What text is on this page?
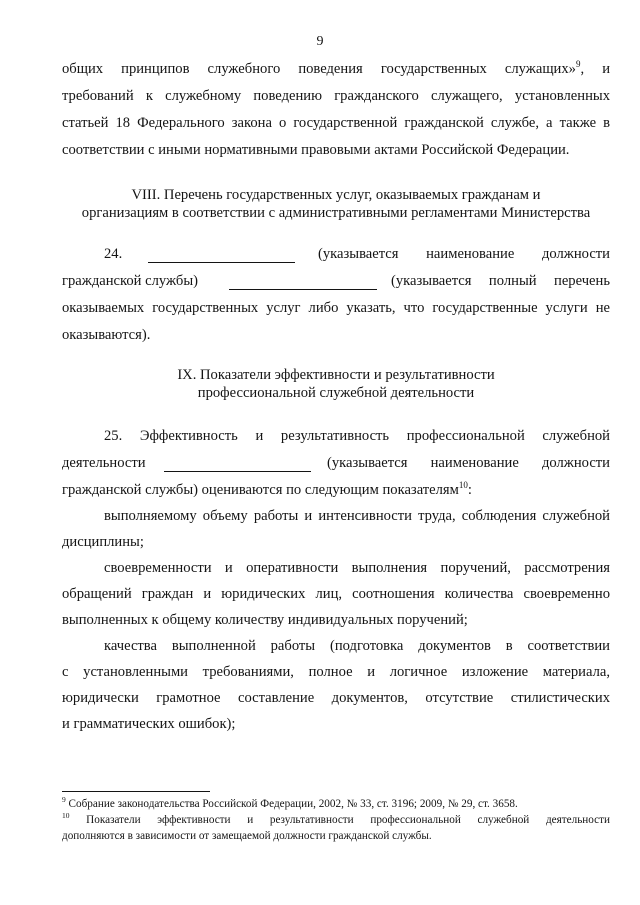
9
общих принципов служебного поведения государственных служащих»$^9$, и
требований к служебному поведению гражданского служащего, установленных
статьей 18 Федерального закона о государственной гражданской службе, а также в
соответствии с иными нормативными правовыми актами Российской Федерации.
VIII. Перечень государственных услуг, оказываемых гражданам и
организациям в соответствии с административными регламентами Министерства
24.	(указывается наименование должности
гражданской службы)	(указывается полный перечень
оказываемых государственных услуг либо указать, что государственные услуги не
оказываются).
IX. Показатели эффективности и результативности
профессиональной служебной деятельности
25. Эффективность и результативность профессиональной служебной
деятельности	(указывается наименование должности
гражданской службы) оцениваются по следующим показателям$^{10}$:
выполняемому объему работы и интенсивности труда, соблюдения служебной
дисциплины;
своевременности и оперативности выполнения поручений, рассмотрения
обращений граждан и юридических лиц, соотношения количества своевременно
выполненных к общему количеству индивидуальных поручений;
качества выполненной работы (подготовка документов в соответствии
с установленными требованиями, полное и логичное изложение материала,
юридически грамотное составление документов, отсутствие стилистических
и грамматических ошибок);
$^9$ Собрание законодательства Российской Федерации, 2002, № 33, ст. 3196; 2009, № 29, ст. 3658.
$^{10}$ Показатели эффективности и результативности профессиональной служебной деятельности
дополняются в зависимости от замещаемой должности гражданской службы.
